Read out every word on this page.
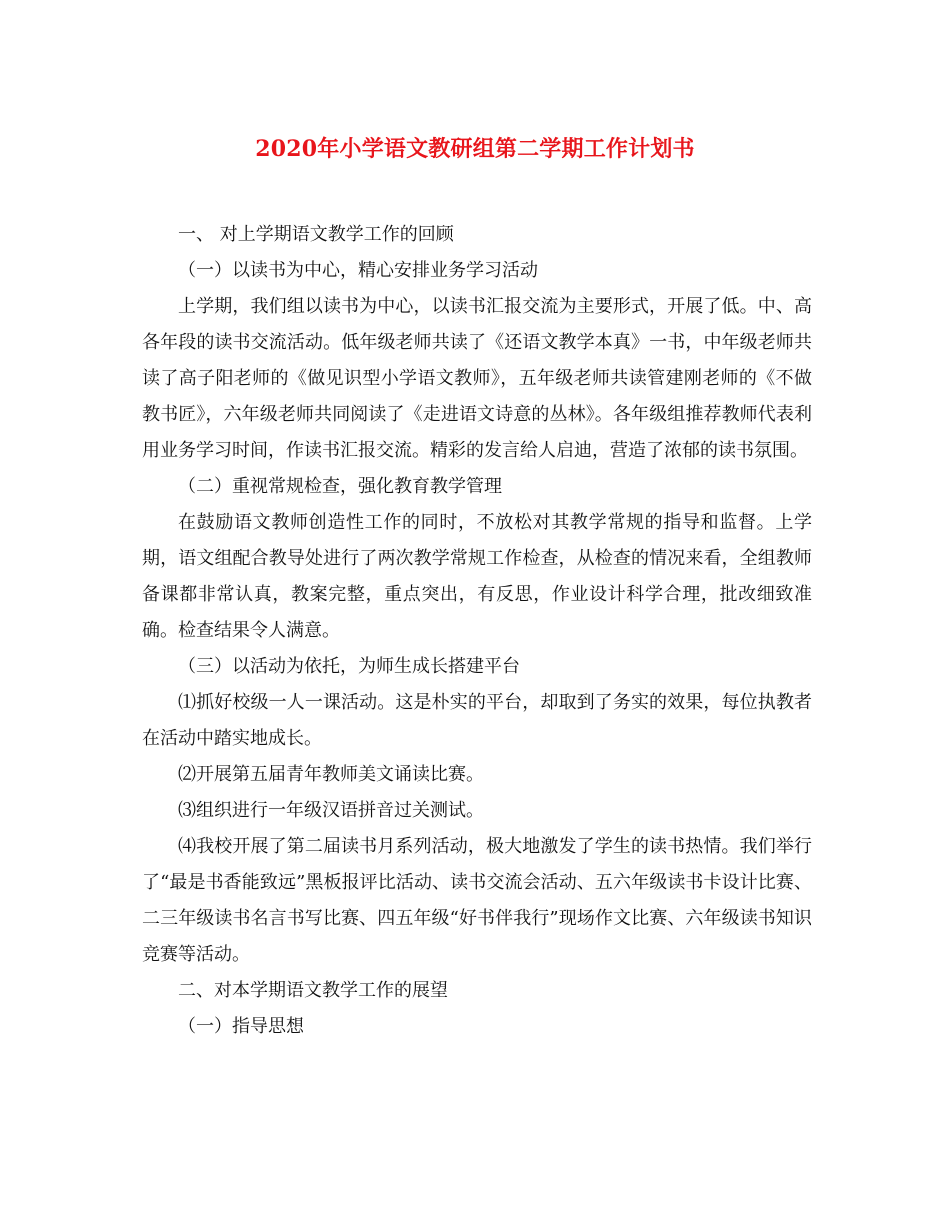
2020年小学语文教研组第二学期工作计划书

一、 对上学期语文教学工作的回顾

（一）以读书为中心，精心安排业务学习活动

上学期，我们组以读书为中心，以读书汇报交流为主要形式，开展了低。中、高各年段的读书交流活动。低年级老师共读了《还语文教学本真》一书，中年级老师共读了高子阳老师的《做见识型小学语文教师》，五年级老师共读管建刚老师的《不做教书匠》，六年级老师共同阅读了《走进语文诗意的丛林》。各年级组推荐教师代表利用业务学习时间，作读书汇报交流。精彩的发言给人启迪，营造了浓郁的读书氛围。

（二）重视常规检查，强化教育教学管理

在鼓励语文教师创造性工作的同时，不放松对其教学常规的指导和监督。上学期，语文组配合教导处进行了两次教学常规工作检查，从检查的情况来看，全组教师备课都非常认真，教案完整，重点突出，有反思，作业设计科学合理，批改细致准确。检查结果令人满意。

（三）以活动为依托，为师生成长搭建平台

⑴抓好校级一人一课活动。这是朴实的平台，却取到了务实的效果，每位执教者在活动中踏实地成长。

⑵开展第五届青年教师美文诵读比赛。

⑶组织进行一年级汉语拼音过关测试。

⑷我校开展了第二届读书月系列活动，极大地激发了学生的读书热情。我们举行了“最是书香能致远”黑板报评比活动、读书交流会活动、五六年级读书卡设计比赛、二三年级读书名言书写比赛、四五年级“好书伴我行”现场作文比赛、六年级读书知识竞赛等活动。

二、对本学期语文教学工作的展望

（一）指导思想
